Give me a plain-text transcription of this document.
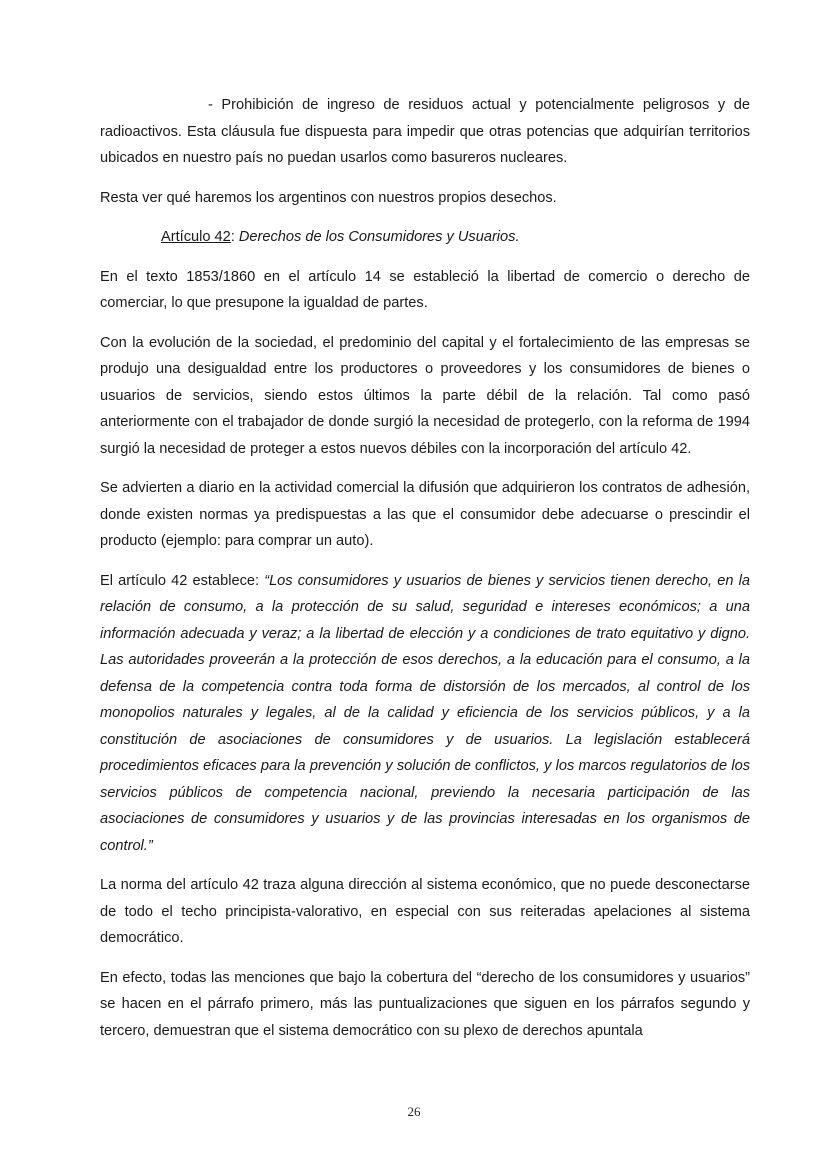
- Prohibición de ingreso de residuos actual y potencialmente peligrosos y de radioactivos. Esta cláusula fue dispuesta para impedir que otras potencias que adquirían territorios ubicados en nuestro país no puedan usarlos como basureros nucleares.

Resta ver qué haremos los argentinos con nuestros propios desechos.

Artículo 42: Derechos de los Consumidores y Usuarios.

En el texto 1853/1860 en el artículo 14 se estableció la libertad de comercio o derecho de comerciar, lo que presupone la igualdad de partes.

Con la evolución de la sociedad, el predominio del capital y el fortalecimiento de las empresas se produjo una desigualdad entre los productores o proveedores y los consumidores de bienes o usuarios de servicios, siendo estos últimos la parte débil de la relación. Tal como pasó anteriormente con el trabajador de donde surgió la necesidad de protegerlo, con la reforma de 1994 surgió la necesidad de proteger a estos nuevos débiles con la incorporación del artículo 42.

Se advierten a diario en la actividad comercial la difusión que adquirieron los contratos de adhesión, donde existen normas ya predispuestas a las que el consumidor debe adecuarse o prescindir el producto (ejemplo: para comprar un auto).

El artículo 42 establece: “Los consumidores y usuarios de bienes y servicios tienen derecho, en la relación de consumo, a la protección de su salud, seguridad e intereses económicos; a una información adecuada y veraz; a la libertad de elección y a condiciones de trato equitativo y digno. Las autoridades proveerán a la protección de esos derechos, a la educación para el consumo, a la defensa de la competencia contra toda forma de distorsión de los mercados, al control de los monopolios naturales y legales, al de la calidad y eficiencia de los servicios públicos, y a la constitución de asociaciones de consumidores y de usuarios. La legislación establecerá procedimientos eficaces para la prevención y solución de conflictos, y los marcos regulatorios de los servicios públicos de competencia nacional, previendo la necesaria participación de las asociaciones de consumidores y usuarios y de las provincias interesadas en los organismos de control.”

La norma del artículo 42 traza alguna dirección al sistema económico, que no puede desconectarse de todo el techo principista-valorativo, en especial con sus reiteradas apelaciones al sistema democrático.

En efecto, todas las menciones que bajo la cobertura del “derecho de los consumidores y usuarios” se hacen en el párrafo primero, más las puntualizaciones que siguen en los párrafos segundo y tercero, demuestran que el sistema democrático con su plexo de derechos apuntala

26
